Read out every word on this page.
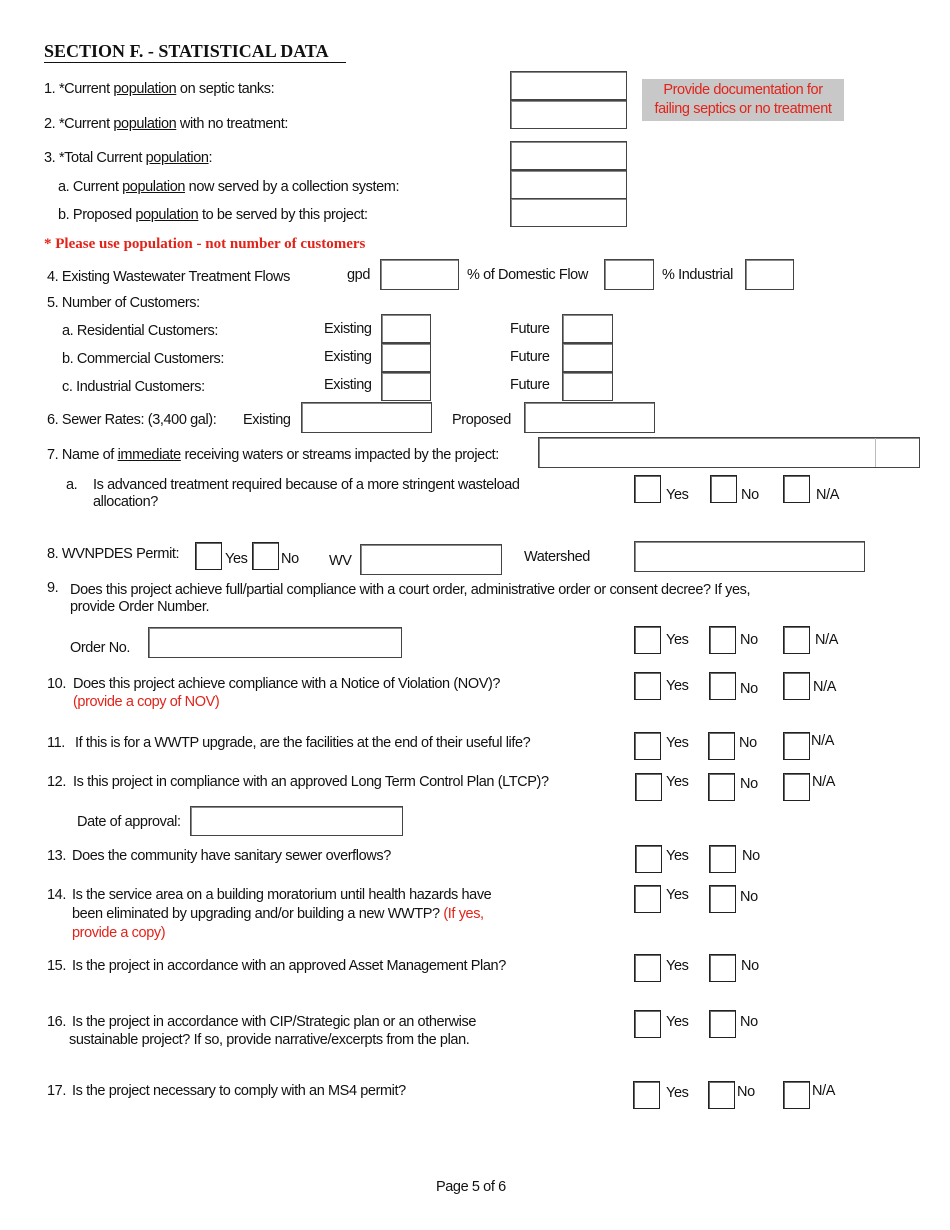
SECTION F. - STATISTICAL DATA
1. *Current population on septic tanks:
2. *Current population with no treatment:
Provide documentation for
failing septics or no treatment
3. *Total Current population:
a. Current population now served by a collection system:
b. Proposed population to be served by this project:
* Please use population - not number of customers
4. Existing Wastewater Treatment Flows	gpd	% of Domestic Flow	% Industrial
5. Number of Customers:
a. Residential Customers:	Existing	Future
b. Commercial Customers:	Existing	Future
c. Industrial Customers:	Existing	Future
6. Sewer Rates: (3,400 gal): Existing	Proposed
7. Name of immediate receiving waters or streams impacted by the project:
a. Is advanced treatment required because of a more stringent wasteload
allocation?	Yes	No	N/A
8. WVNPDES Permit:	Yes No WV	Watershed
9. Does this project achieve full/partial compliance with a court order, administrative order or consent decree? If yes,
provide Order Number.
Order No.	Yes	No	N/A
10. Does this project achieve compliance with a Notice of Violation (NOV)?
(provide a copy of NOV)
Yes	No	N/A
11. If this is for a WWTP upgrade, are the facilities at the end of their useful life?	Yes	No	N/A
12. Is this project in compliance with an approved Long Term Control Plan (LTCP)?	Yes	No	N/A
Date of approval:
13. Does the community have sanitary sewer overflows?	Yes	No
14. Is the service area on a building moratorium until health hazards have
been eliminated by upgrading and/or building a new WWTP? (If yes,
provide a copy)
Yes	No
15. Is the project in accordance with an approved Asset Management Plan?	Yes	No
16. Is the project in accordance with CIP/Strategic plan or an otherwise
sustainable project? If so, provide narrative/excerpts from the plan.
Yes	No
17. Is the project necessary to comply with an MS4 permit?	Yes	No	N/A
Page 5 of 6
